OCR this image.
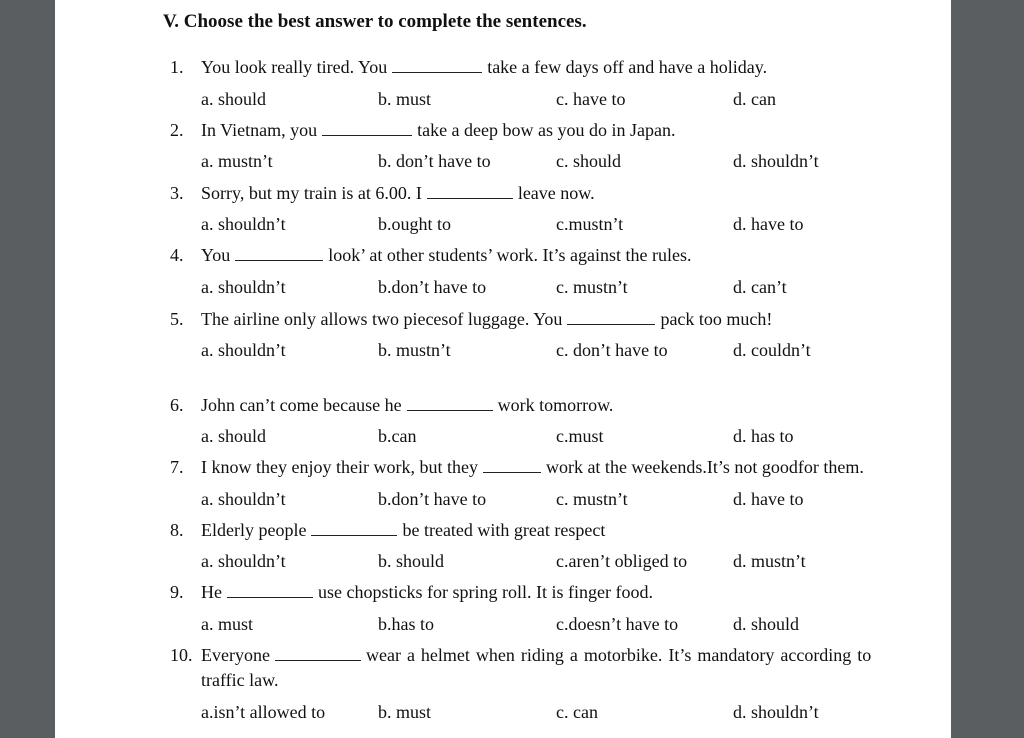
V. Choose the best answer to complete the sentences.
1. You look really tired. You	take a few days off and have a holiday.
a. should	b. must	c. have to	d. can
2. In Vietnam, you	take a deep bow as you do in Japan.
a. mustn’t	b. don’t have to	c. should	d. shouldn’t
3. Sorry, but my train is at 6.00. I	leave now.
a. shouldn’t	b.ought to	c.mustn’t	d. have to
4. You	look’ at other students’ work. It’s against the rules.
a. shouldn’t	b.don’t have to	c. mustn’t	d. can’t
5. The airline only allows two piecesof luggage. You	pack too much!
a. shouldn’t	b. mustn’t	c. don’t have to	d. couldn’t
6. John can’t come because he	work tomorrow.
a. should	b.can	c.must	d. has to
7. I know they enjoy their work, but they	work at the weekends.It’s not goodfor them.
a. shouldn’t	b.don’t have to	c. mustn’t	d. have to
8. Elderly people	be treated with great respect
a. shouldn’t	b. should	c.aren’t obliged to	d. mustn’t
9. He	use chopsticks for spring roll. It is finger food.
a. must	b.has to	c.doesn’t have to	d. should
10. Everyone	wear a helmet when riding a motorbike. It’s mandatory according to
traffic law.
a.isn’t allowed to	b. must	c. can	d. shouldn’t
